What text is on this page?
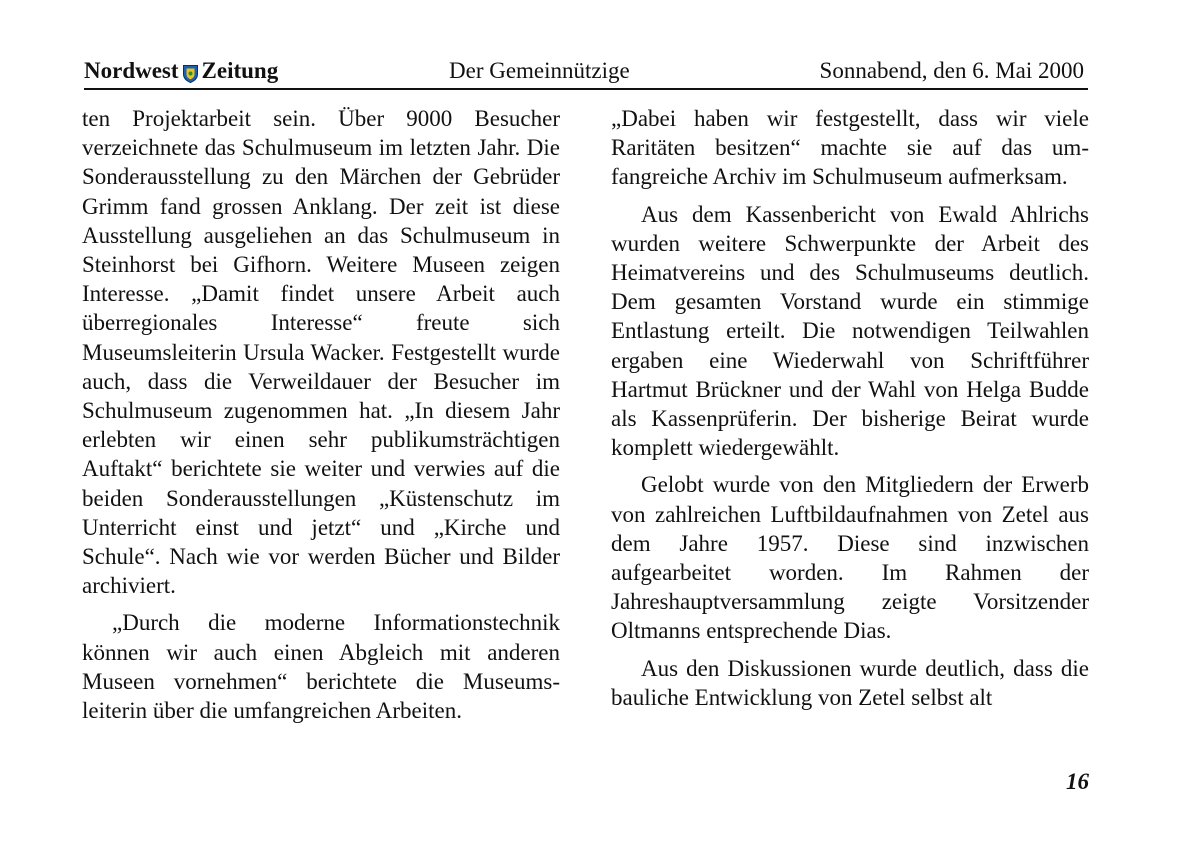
Nordwest Zeitung	Der Gemeinnützige	Sonnabend, den 6. Mai 2000

ten Projektarbeit sein. Über 9000 Besucher verzeichnete das Schulmuseum im letzten Jahr. Die Sonderausstellung zu den Märchen der Gebrüder Grimm fand grossen Anklang. Der zeit ist diese Ausstellung ausgeliehen an das Schulmuseum in Steinhorst bei Gifhorn. Weitere Museen zeigen Interesse. „Damit findet unsere Arbeit auch überregionales Interesse“ freute sich Museumsleiterin Ursula Wacker. Festgestellt wurde auch, dass die Verweildauer der Besucher im Schulmuseum zugenommen hat. „In diesem Jahr erlebten wir einen sehr publikumsträchtigen Auftakt“ berichtete sie weiter und verwies auf die beiden Sonderausstellungen „Küstenschutz im Unterricht einst und jetzt“ und „Kirche und Schule“. Nach wie vor werden Bücher und Bilder archiviert.

„Durch die moderne Informationstechnik können wir auch einen Abgleich mit anderen Museen vornehmen“ berichtete die Museumsleiterin über die umfangreichen Arbeiten.

„Dabei haben wir festgestellt, dass wir viele Raritäten besitzen“ machte sie auf das umfangreiche Archiv im Schulmuseum aufmerksam.

Aus dem Kassenbericht von Ewald Ahlrichs wurden weitere Schwerpunkte der Arbeit des Heimatvereins und des Schulmuseums deutlich. Dem gesamten Vorstand wurde ein stimmige Entlastung erteilt. Die notwendigen Teilwahlen ergaben eine Wiederwahl von Schriftführer Hartmut Brückner und der Wahl von Helga Budde als Kassenprüferin. Der bisherige Beirat wurde komplett wiedergewählt.

Gelobt wurde von den Mitgliedern der Erwerb von zahlreichen Luftbildaufnahmen von Zetel aus dem Jahre 1957. Diese sind inzwischen aufgearbeitet worden. Im Rahmen der Jahreshauptversammlung zeigte Vorsitzender Oltmanns entsprechende Dias.

Aus den Diskussionen wurde deutlich, dass die bauliche Entwicklung von Zetel selbst alt

16
